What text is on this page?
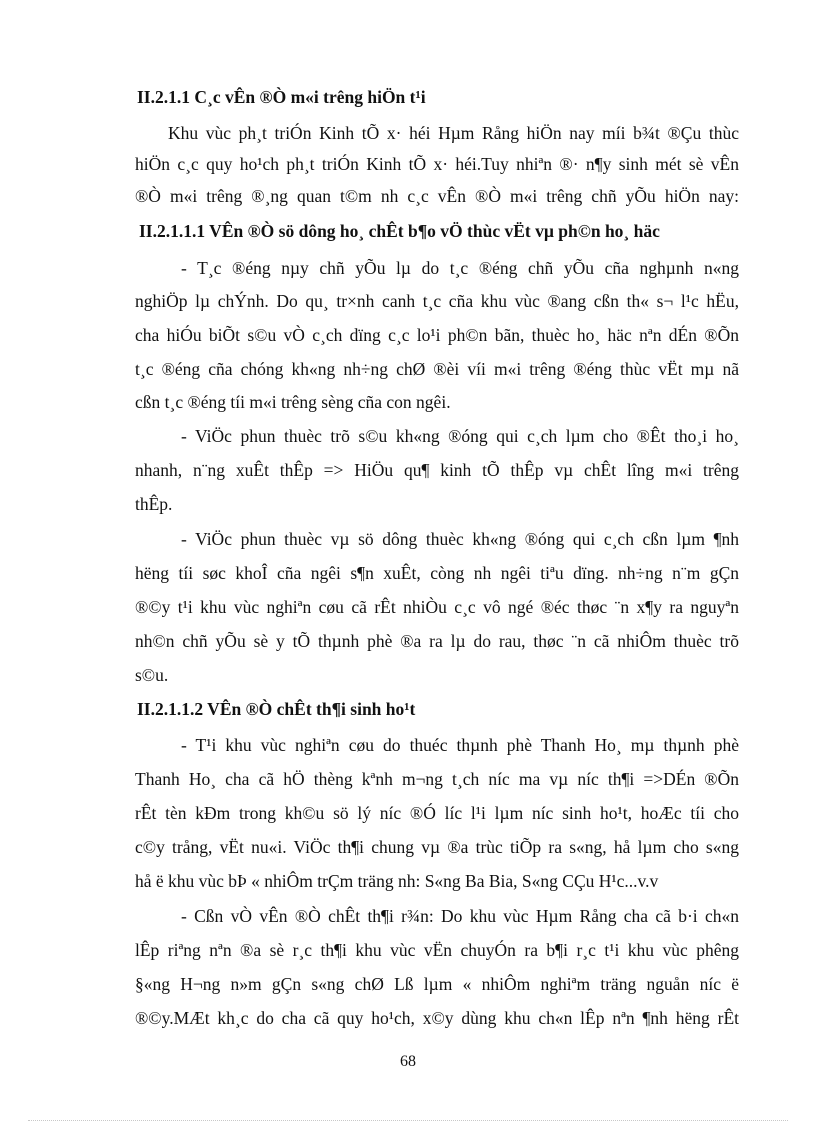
II.2.1.1 C¸c vÊn ®Ò m«i trêng hiÖn t¹i
Khu vùc ph¸t triÓn Kinh tÕ x· héi Hµm Rång hiÖn nay míi b¾t ®Çu thùc
hiÖn c¸c quy ho¹ch ph¸t triÓn Kinh tÕ x· héi.Tuy nhiªn ®· n¶y sinh mét sè vÊn
®Ò m«i trêng ®¸ng quan t©m nh c¸c vÊn ®Ò m«i trêng chñ yÕu hiÖn nay:
II.2.1.1.1 VÊn ®Ò sö dông ho¸ chÊt b¶o vÖ thùc vËt vµ ph©n ho¸ häc
- T¸c ®éng nµy chñ yÕu lµ do t¸c ®éng chñ yÕu cña nghµnh n«ng
nghiÖp lµ chÝnh. Do qu¸ tr×nh canh t¸c cña khu vùc ®ang cßn th« s¬ l¹c hËu,
cha hiÓu biÕt s©u vÒ c¸ch dïng c¸c lo¹i ph©n bãn, thuèc ho¸ häc nªn dÉn ®Õn
t¸c ®éng cña chóng kh«ng nh÷ng chØ ®èi víi m«i trêng ®éng thùc vËt mµ nã
cßn t¸c ®éng tíi m«i trêng sèng cña con ngêi.
- ViÖc phun thuèc trõ s©u kh«ng ®óng qui c¸ch lµm cho ®Êt tho¸i ho¸
nhanh, n¨ng xuÊt thÊp => HiÖu qu¶ kinh tÕ thÊp vµ chÊt lîng m«i trêng
thÊp.
- ViÖc phun thuèc vµ sö dông thuèc kh«ng ®óng qui c¸ch cßn lµm ¶nh
hëng tíi søc khoÎ cña ngêi s¶n xuÊt, còng nh ngêi tiªu dïng. nh÷ng n¨m gÇn
®©y t¹i khu vùc nghiªn cøu cã rÊt nhiÒu c¸c vô ngé ®éc thøc ¨n x¶y ra nguyªn
nh©n chñ yÕu sè y tÕ thµnh phè ®a ra lµ do rau, thøc ¨n cã nhiÔm thuèc trõ
s©u.
II.2.1.1.2 VÊn ®Ò chÊt th¶i sinh ho¹t
- T¹i khu vùc nghiªn cøu do thuéc thµnh phè Thanh Ho¸ mµ thµnh phè
Thanh Ho¸ cha cã hÖ thèng kªnh m¬ng t¸ch níc ma vµ níc th¶i =>DÉn ®Õn
rÊt tèn kÐm trong kh©u sö lý níc ®Ó líc l¹i lµm níc sinh ho¹t, hoÆc tíi cho
c©y trång, vËt nu«i. ViÖc th¶i chung vµ ®a trùc tiÕp ra s«ng, hå lµm cho s«ng
hå ë khu vùc bÞ « nhiÔm trÇm träng nh: S«ng Ba Bia, S«ng CÇu H¹c...v.v
- Cßn vÒ vÊn ®Ò chÊt th¶i r¾n: Do khu vùc Hµm Rång cha cã b·i ch«n
lÊp riªng nªn ®a sè r¸c th¶i khu vùc vËn chuyÓn ra b¶i r¸c t¹i khu vùc phêng
§«ng H¬ng n»m gÇn s«ng chØ Lß lµm « nhiÔm nghiªm träng nguån níc ë
®©y.MÆt kh¸c do cha cã quy ho¹ch, x©y dùng khu ch«n lÊp nªn ¶nh hëng rÊt
68
